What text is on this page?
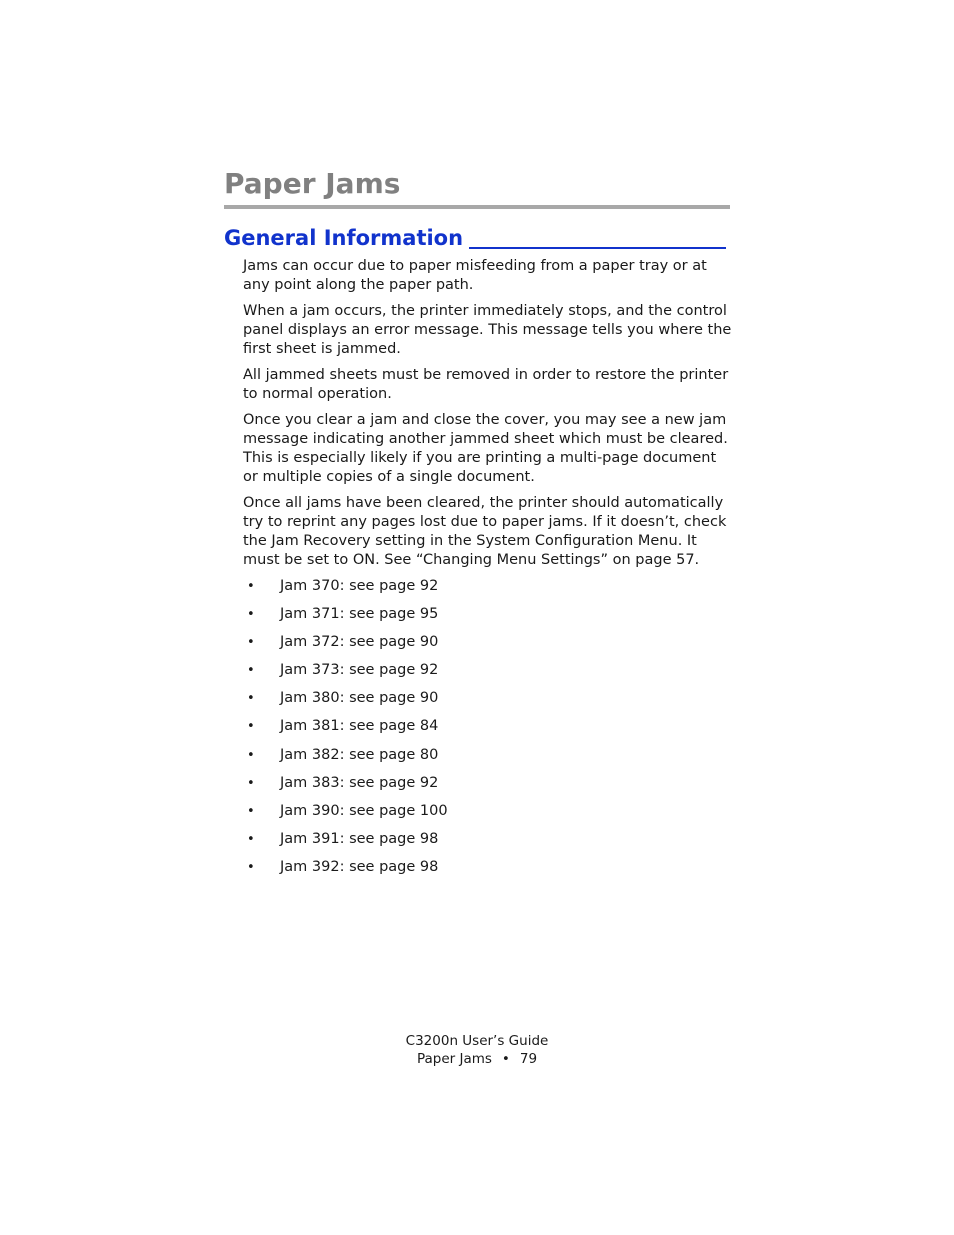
Paper Jams
General Information

Jams can occur due to paper misfeeding from a paper tray or at any point along the paper path.

When a jam occurs, the printer immediately stops, and the control panel displays an error message. This message tells you where the first sheet is jammed.

All jammed sheets must be removed in order to restore the printer to normal operation.

Once you clear a jam and close the cover, you may see a new jam message indicating another jammed sheet which must be cleared. This is especially likely if you are printing a multi-page document or multiple copies of a single document.

Once all jams have been cleared, the printer should automatically try to reprint any pages lost due to paper jams. If it doesn’t, check the Jam Recovery setting in the System Configuration Menu. It must be set to ON. See “Changing Menu Settings” on page 57.

• Jam 370: see page 92
• Jam 371: see page 95
• Jam 372: see page 90
• Jam 373: see page 92
• Jam 380: see page 90
• Jam 381: see page 84
• Jam 382: see page 80
• Jam 383: see page 92
• Jam 390: see page 100
• Jam 391: see page 98
• Jam 392: see page 98
C3200n User’s Guide
Paper Jams • 79
